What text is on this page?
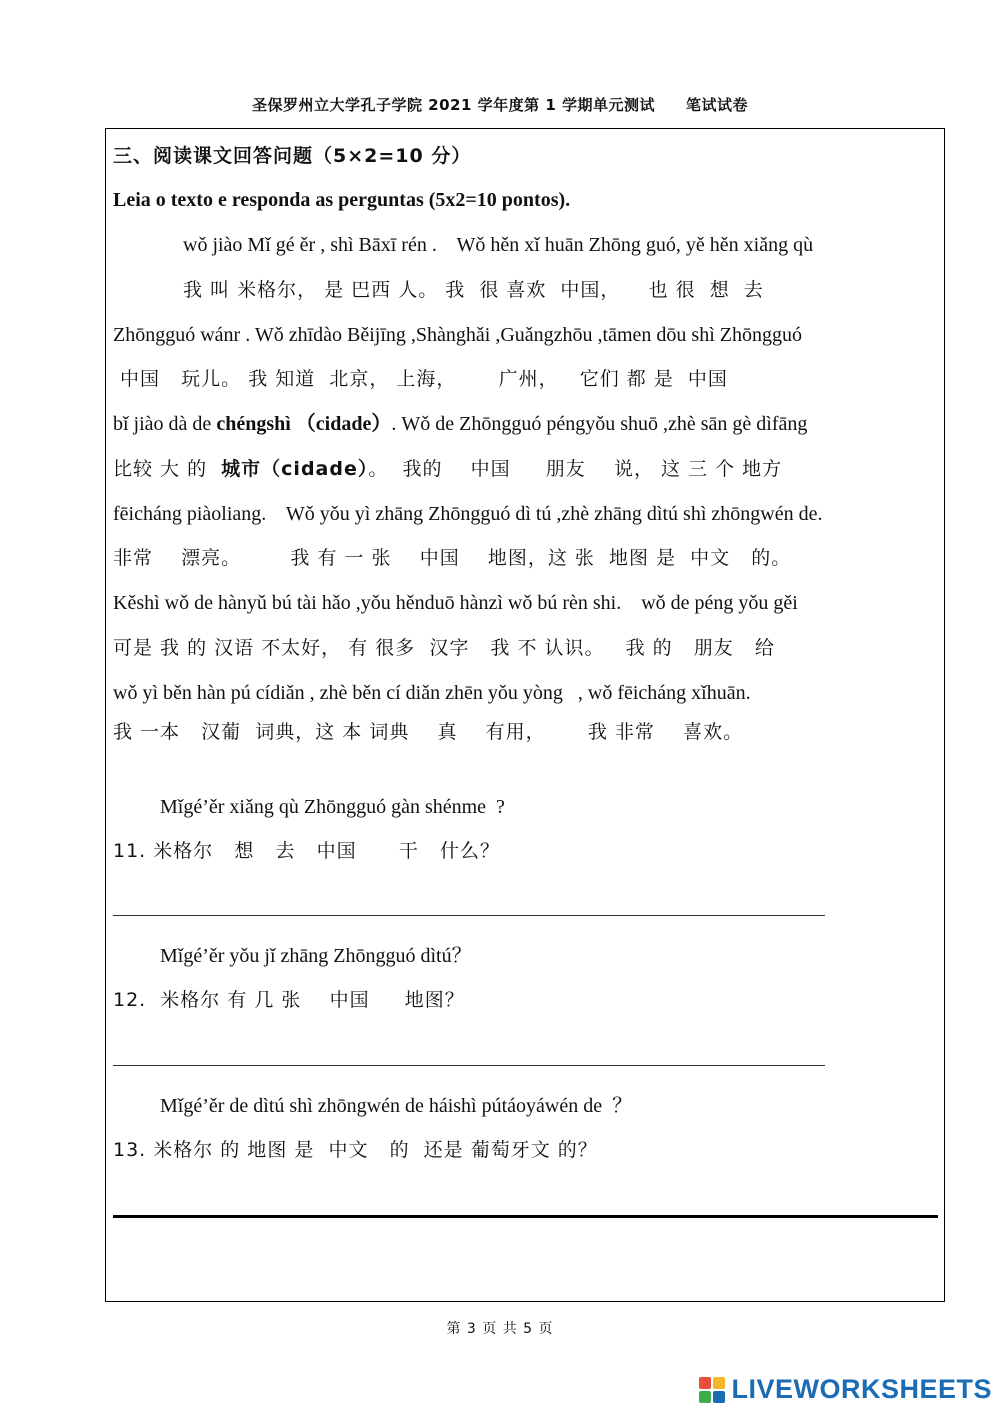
圣保罗州立大学孔子学院 2021 学年度第 1 学期单元测试　　笔试试卷
三、阅读课文回答问题（5×2=10 分）
Leia o texto e responda as perguntas (5x2=10 pontos).
wǒ jiào Mǐ gé ěr , shì Bāxī rén .    Wǒ hěn xǐ huān Zhōng guó, yě hěn xiǎng qù
我 叫 米格尔， 是 巴西 人。 我  很 喜欢  中国，    也 很  想  去
Zhōngguó wánr . Wǒ zhīdào Běijīng ,Shànghǎi ,Guǎngzhōu ,tāmen dōu shì Zhōngguó
中国   玩儿。 我 知道  北京， 上海，      广州，   它们 都 是  中国
bǐ jiào dà de chéngshì （cidade）. Wǒ de Zhōngguó péngyǒu shuō ,zhè sān gè dìfāng
比较 大 的  城市（cidade）。  我的    中国     朋友    说， 这 三 个 地方
fēicháng piàoliang.    Wǒ yǒu yì zhāng Zhōngguó dì tú ,zhè zhāng dìtú shì zhōngwén de.
非常    漂亮。       我 有 一 张    中国    地图，这 张  地图 是  中文   的。
Kěshì wǒ de hànyǔ bú tài hǎo ,yǒu hěnduō hànzì wǒ bú rèn shi.    wǒ de péng yǒu gěi
可是 我 的 汉语 不太好， 有 很多  汉字   我 不 认识。   我 的   朋友   给
wǒ yì běn hàn pú cídiǎn , zhè běn cí diǎn zhēn yǒu yòng   , wǒ fēicháng xǐhuān.
我 一本   汉葡  词典，这 本 词典    真    有用，      我 非常    喜欢。
Mǐgé’ěr xiǎng qù Zhōngguó gàn shénme  ?
11. 米格尔   想   去   中国      干   什么？
Mǐgé’ěr yǒu jǐ zhāng Zhōngguó dìtú？
12.  米格尔 有 几 张    中国     地图？
Mǐgé’ěr de dìtú shì zhōngwén de háishì pútáoyáwén de  ？
13. 米格尔 的 地图 是  中文   的  还是 葡萄牙文 的？
第 3 页 共 5 页
LIVEWORKSHEETS
